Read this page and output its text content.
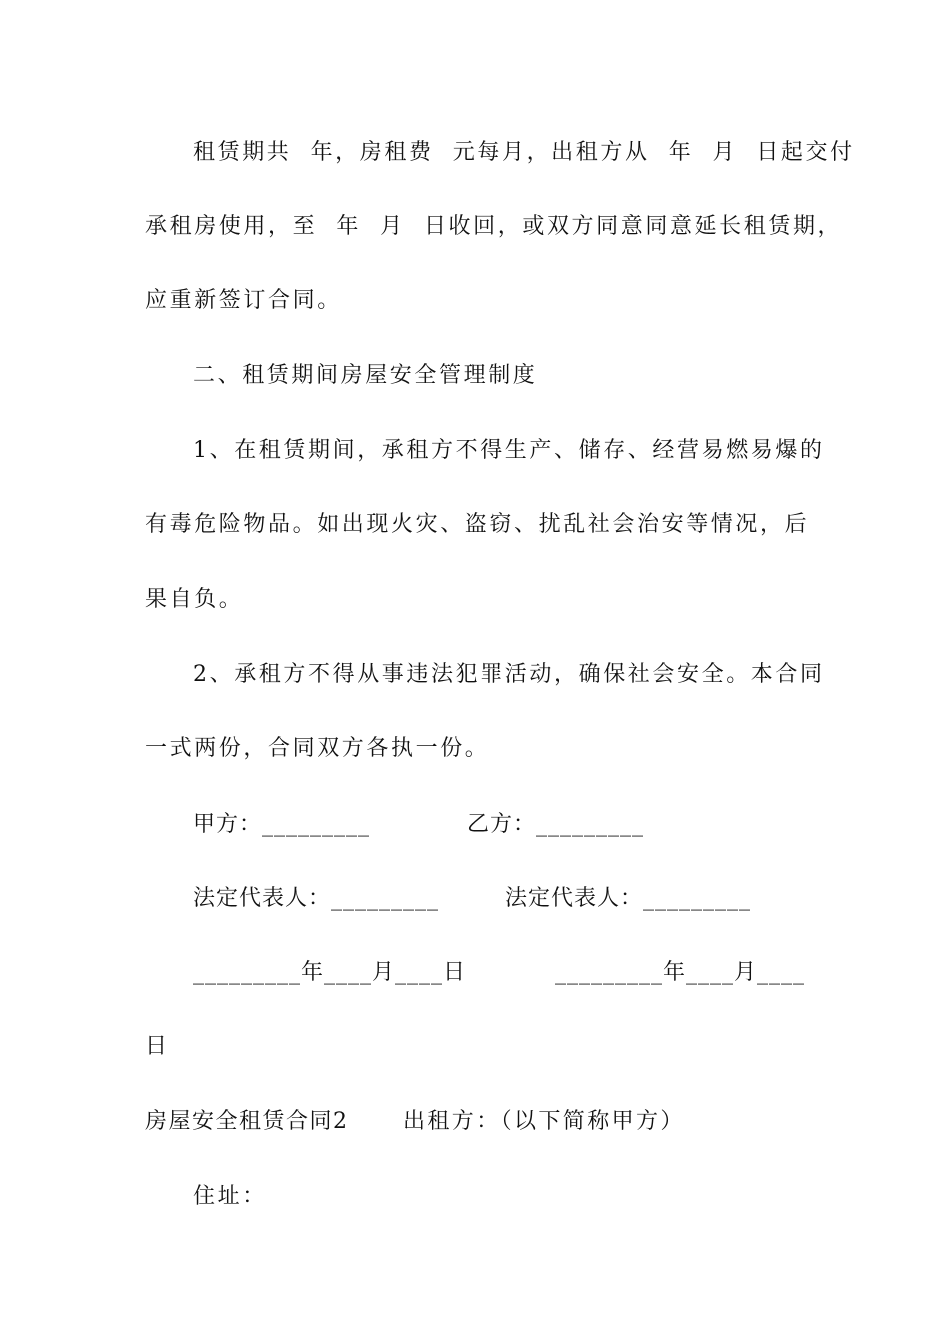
租赁期共  年，房租费  元每月，出租方从  年  月  日起交付
承租房使用，至  年  月  日收回，或双方同意同意延长租赁期，
应重新签订合同。
二、租赁期间房屋安全管理制度
1、在租赁期间，承租方不得生产、储存、经营易燃易爆的
有毒危险物品。如出现火灾、盗窃、扰乱社会治安等情况，后
果自负。
2、承租方不得从事违法犯罪活动，确保社会安全。本合同
一式两份，合同双方各执一份。
甲方：_________	乙方：_________
法定代表人：_________	法定代表人：_________
_________年____月____日	_________年____月____
日
房屋安全租赁合同2	出租方：（以下简称甲方）
住址：
